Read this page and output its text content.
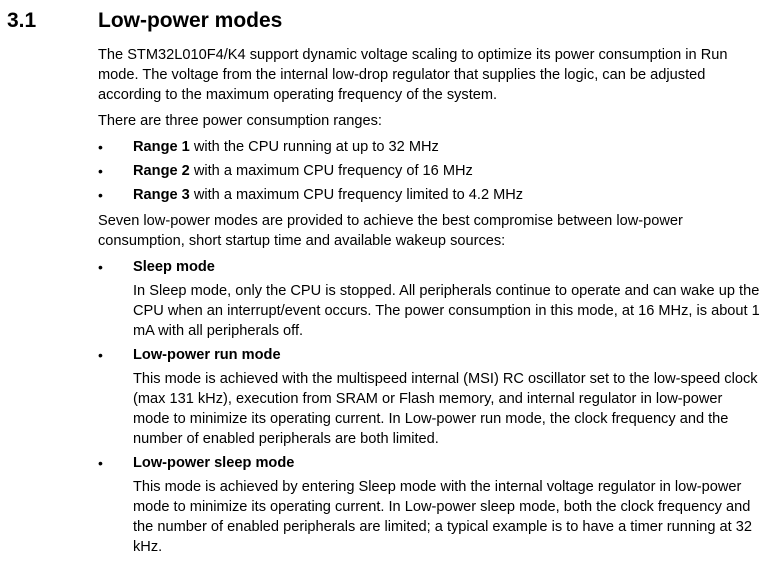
3.1	Low-power modes

The STM32L010F4/K4 support dynamic voltage scaling to optimize its power consumption in Run mode. The voltage from the internal low-drop regulator that supplies the logic, can be adjusted according to the maximum operating frequency of the system.

There are three power consumption ranges:

•	Range 1 with the CPU running at up to 32 MHz
•	Range 2 with a maximum CPU frequency of 16 MHz
•	Range 3 with a maximum CPU frequency limited to 4.2 MHz

Seven low-power modes are provided to achieve the best compromise between low-power consumption, short startup time and available wakeup sources:

•	Sleep mode
In Sleep mode, only the CPU is stopped. All peripherals continue to operate and can wake up the CPU when an interrupt/event occurs. The power consumption in this mode, at 16 MHz, is about 1 mA with all peripherals off.
•	Low-power run mode
This mode is achieved with the multispeed internal (MSI) RC oscillator set to the low-speed clock (max 131 kHz), execution from SRAM or Flash memory, and internal regulator in low-power mode to minimize its operating current. In Low-power run mode, the clock frequency and the number of enabled peripherals are both limited.
•	Low-power sleep mode
This mode is achieved by entering Sleep mode with the internal voltage regulator in low-power mode to minimize its operating current. In Low-power sleep mode, both the clock frequency and the number of enabled peripherals are limited; a typical example is to have a timer running at 32 kHz.
